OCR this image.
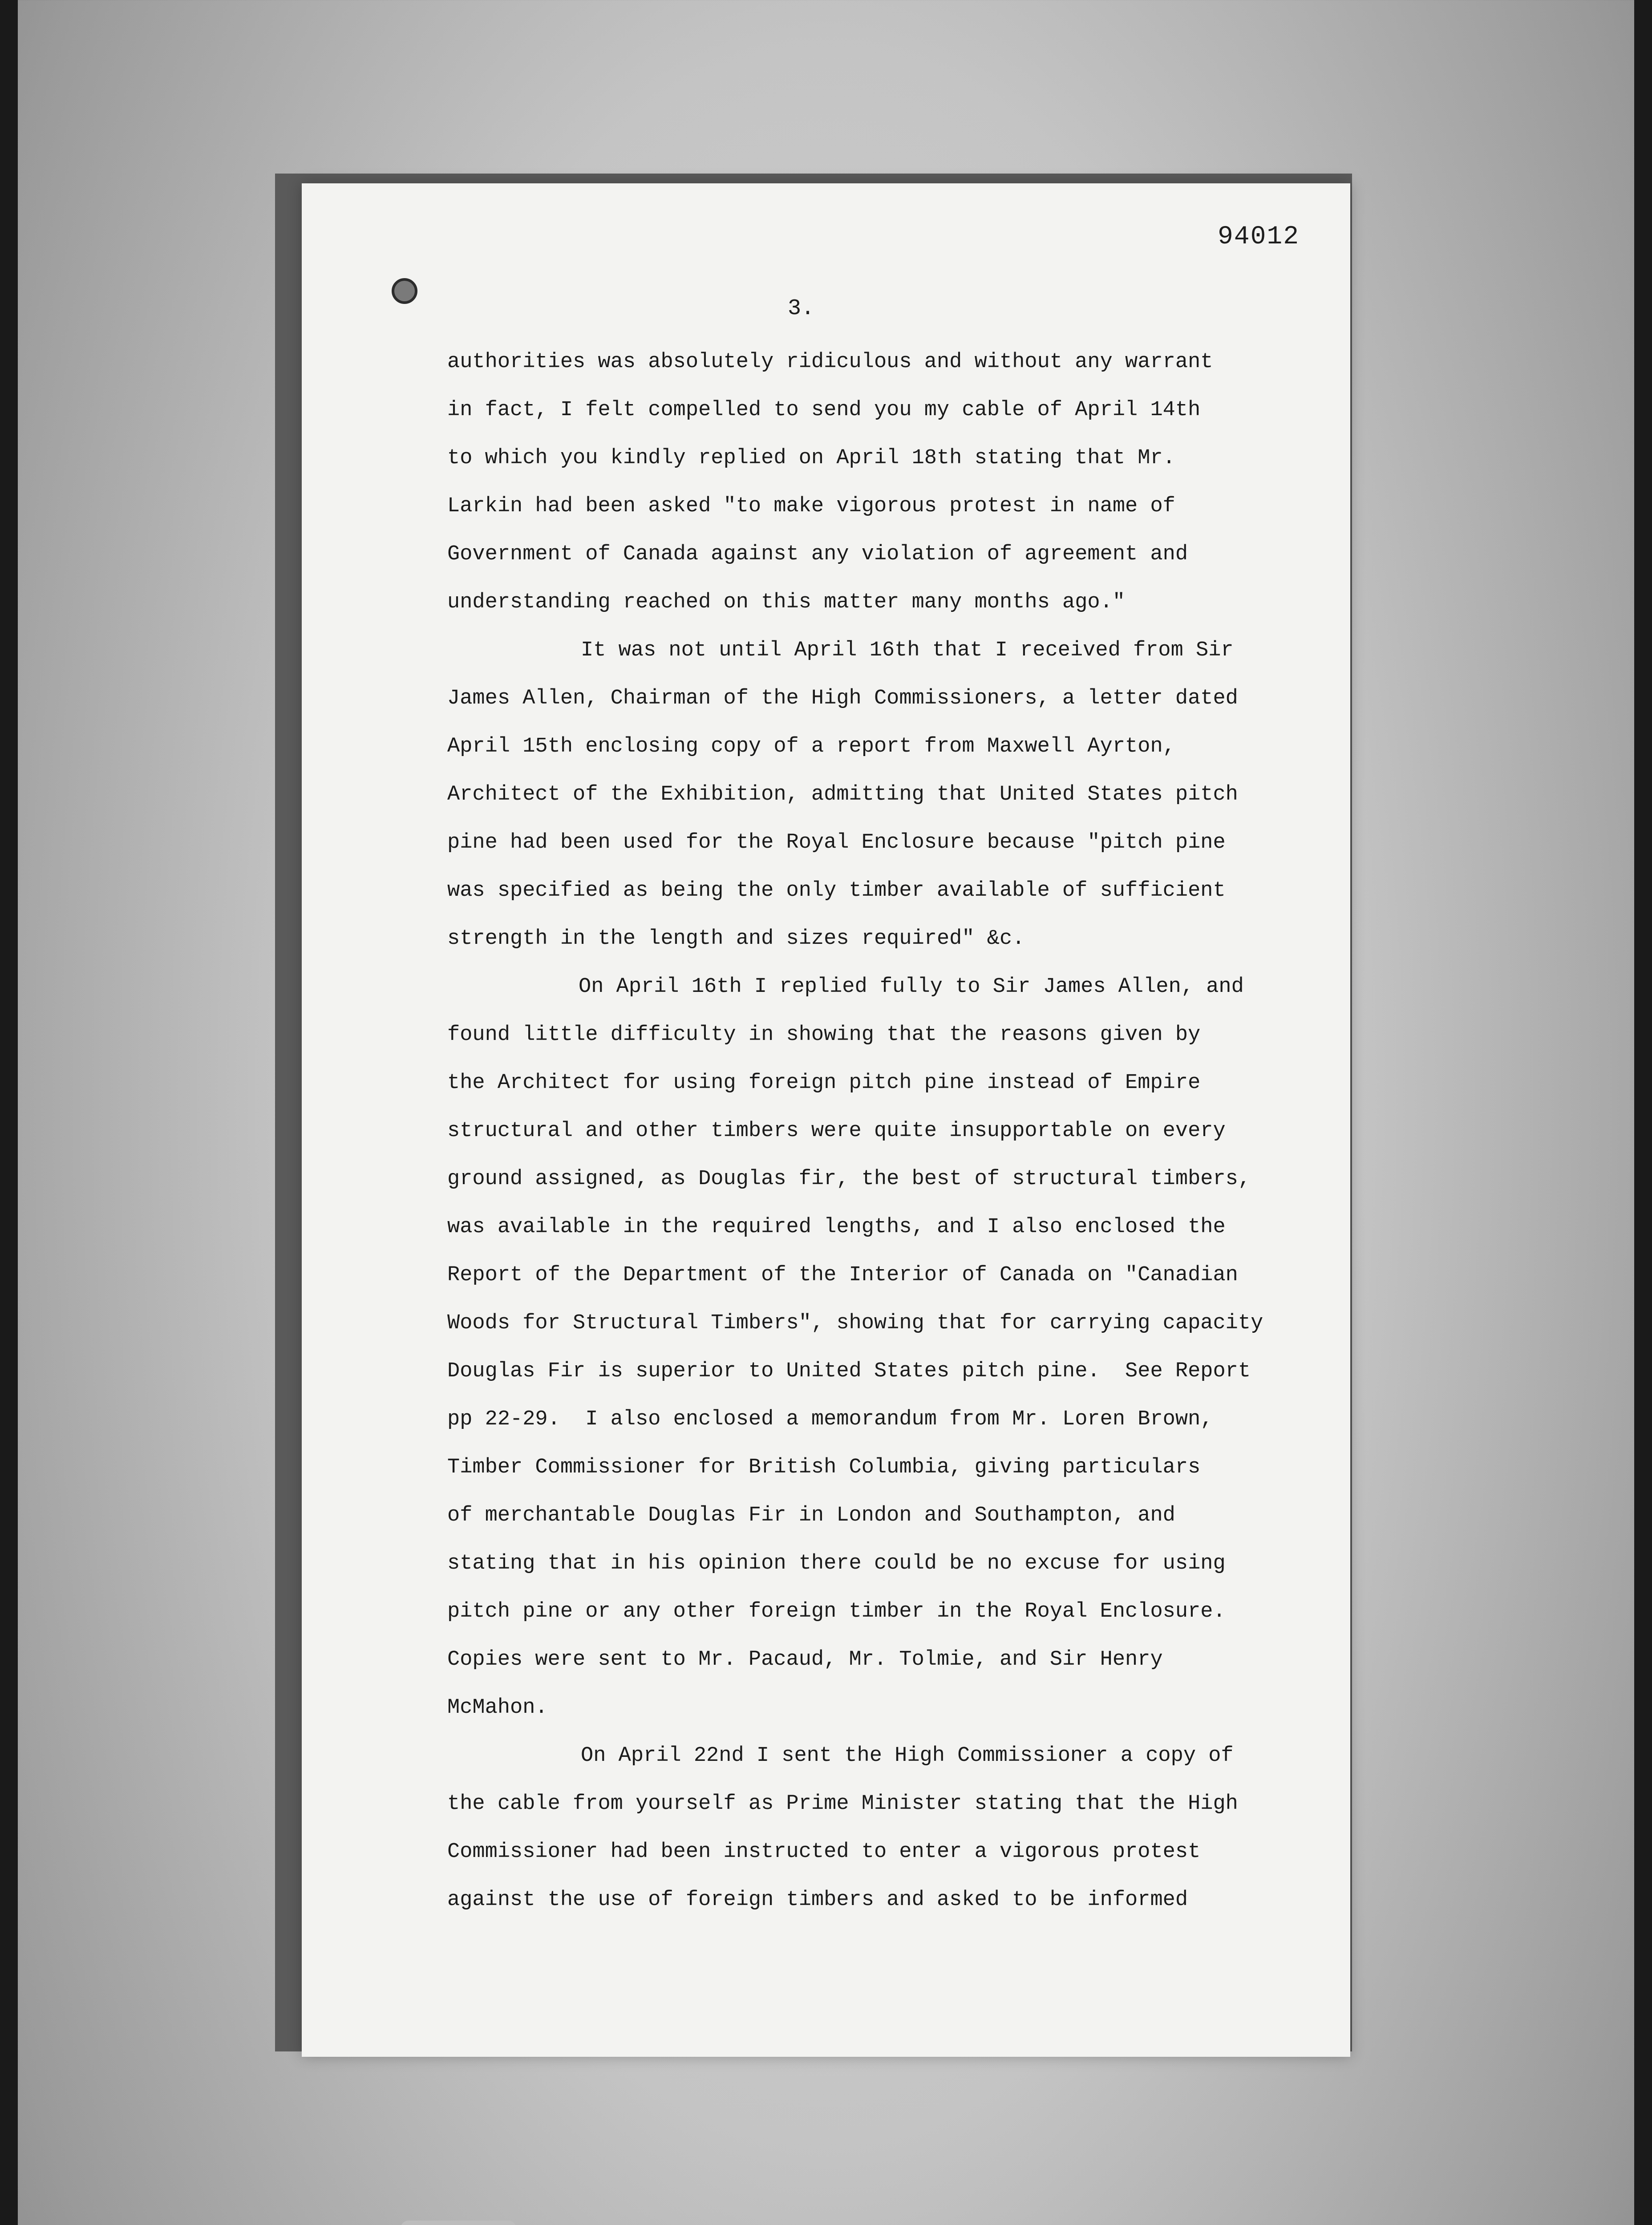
94012
3.
authorities was absolutely ridiculous and without any warrant
in fact, I felt compelled to send you my cable of April 14th
to which you kindly replied on April 18th stating that Mr.
Larkin had been asked "to make vigorous protest in name of
Government of Canada against any violation of agreement and
understanding reached on this matter many months ago."
It was not until April 16th that I received from Sir
James Allen, Chairman of the High Commissioners, a letter dated
April 15th enclosing copy of a report from Maxwell Ayrton,
Architect of the Exhibition, admitting that United States pitch
pine had been used for the Royal Enclosure because "pitch pine
was specified as being the only timber available of sufficient
strength in the length and sizes required" &c.
On April 16th I replied fully to Sir James Allen, and
found little difficulty in showing that the reasons given by
the Architect for using foreign pitch pine instead of Empire
structural and other timbers were quite insupportable on every
ground assigned, as Douglas fir, the best of structural timbers,
was available in the required lengths, and I also enclosed the
Report of the Department of the Interior of Canada on "Canadian
Woods for Structural Timbers", showing that for carrying capacity
Douglas Fir is superior to United States pitch pine.  See Report
pp 22-29.  I also enclosed a memorandum from Mr. Loren Brown,
Timber Commissioner for British Columbia, giving particulars
of merchantable Douglas Fir in London and Southampton, and
stating that in his opinion there could be no excuse for using
pitch pine or any other foreign timber in the Royal Enclosure.
Copies were sent to Mr. Pacaud, Mr. Tolmie, and Sir Henry
McMahon.
On April 22nd I sent the High Commissioner a copy of
the cable from yourself as Prime Minister stating that the High
Commissioner had been instructed to enter a vigorous protest
against the use of foreign timbers and asked to be informed
